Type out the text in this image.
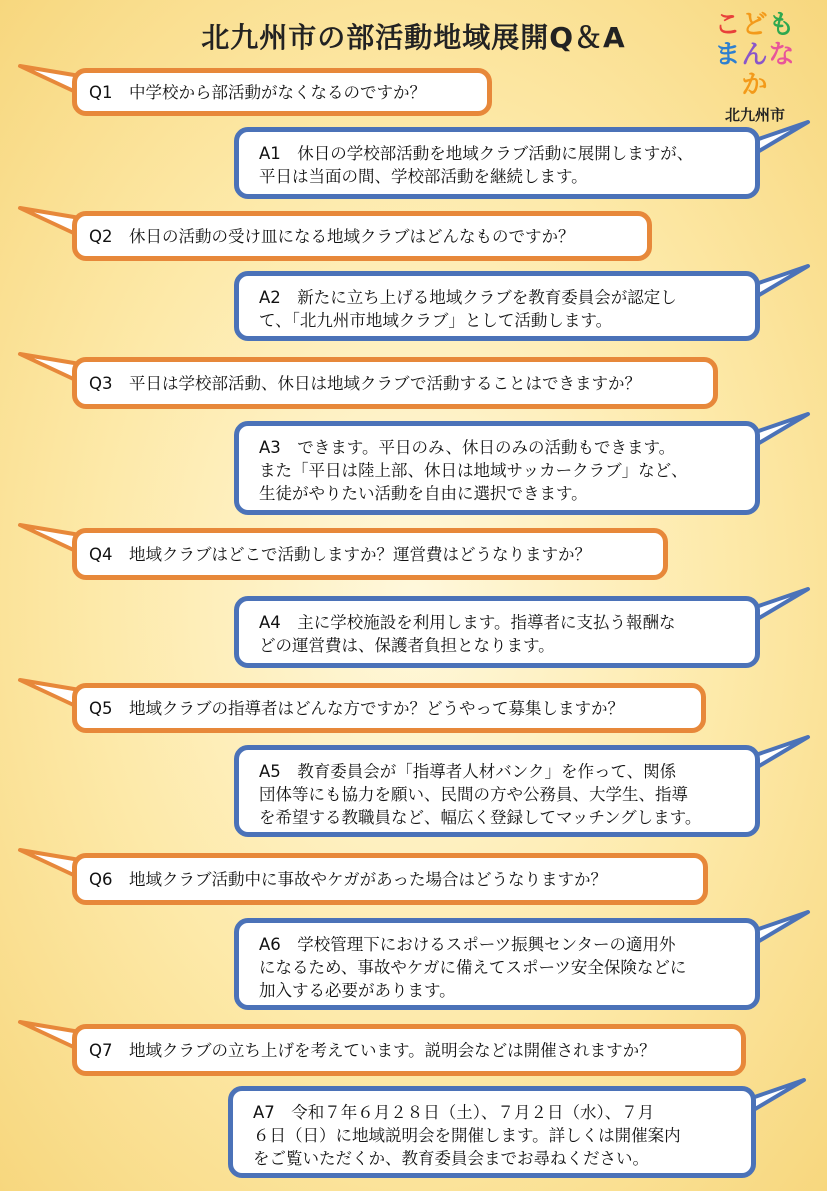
北九州市の部活動地域展開Q＆A	こども
まんなか
北九州市
Q1　中学校から部活動がなくなるのですか？
A1　休日の学校部活動を地域クラブ活動に展開しますが、
平日は当面の間、学校部活動を継続します。
Q2　休日の活動の受け皿になる地域クラブはどんなものですか？
A2　新たに立ち上げる地域クラブを教育委員会が認定し
て、「北九州市地域クラブ」として活動します。
Q3　平日は学校部活動、休日は地域クラブで活動することはできますか？
A3　できます。平日のみ、休日のみの活動もできます。
また「平日は陸上部、休日は地域サッカークラブ」など、
生徒がやりたい活動を自由に選択できます。
Q4　地域クラブはどこで活動しますか？運営費はどうなりますか？
A4　主に学校施設を利用します。指導者に支払う報酬な
どの運営費は、保護者負担となります。
Q5　地域クラブの指導者はどんな方ですか？どうやって募集しますか？
A5　教育委員会が「指導者人材バンク」を作って、関係
団体等にも協力を願い、民間の方や公務員、大学生、指導
を希望する教職員など、幅広く登録してマッチングします。
Q6　地域クラブ活動中に事故やケガがあった場合はどうなりますか？
A6　学校管理下におけるスポーツ振興センターの適用外
になるため、事故やケガに備えてスポーツ安全保険などに
加入する必要があります。
Q7　地域クラブの立ち上げを考えています。説明会などは開催されますか？
A7　令和７年６月２８日（土）、７月２日（水）、７月
６日（日）に地域説明会を開催します。詳しくは開催案内
をご覧いただくか、教育委員会までお尋ねください。
